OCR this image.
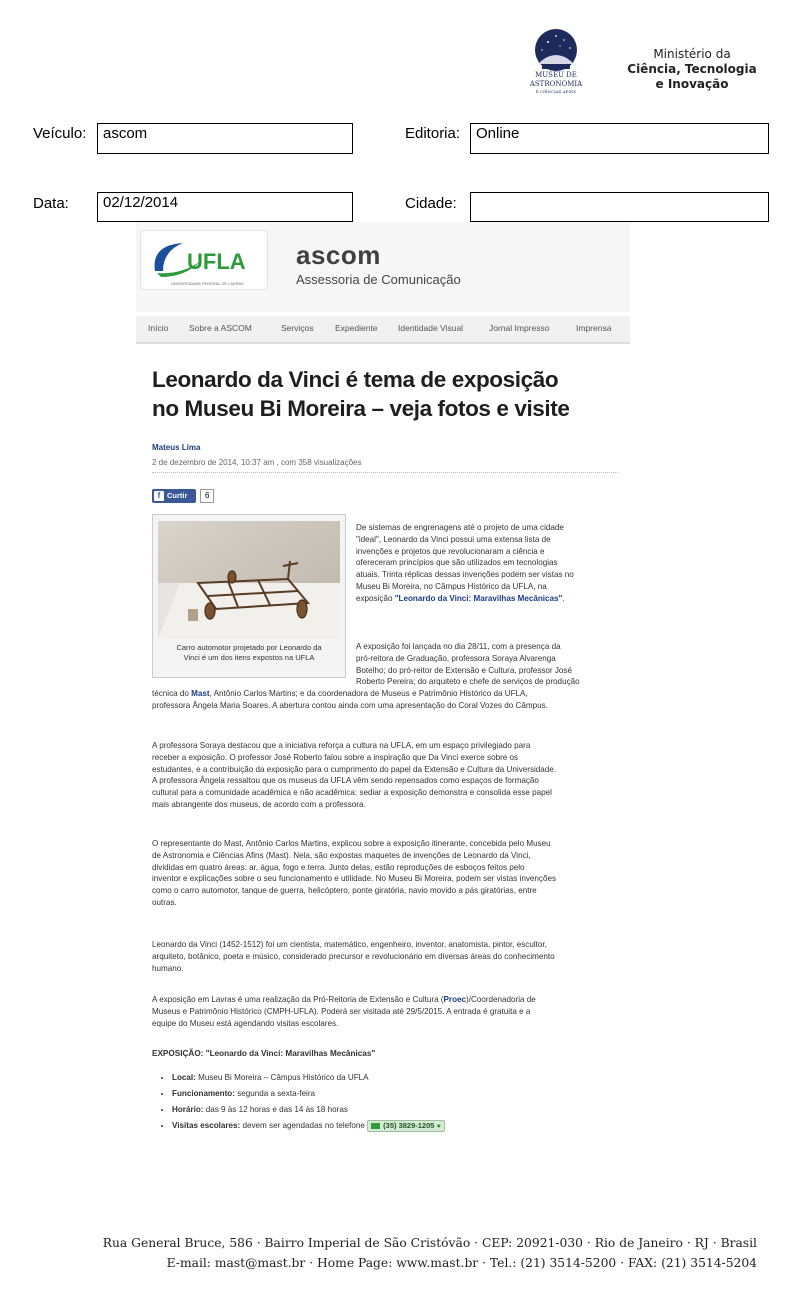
MUSEU DE
ASTRONOMIA
E CIÊNCIAS AFINS
Ministério da
Ciência, Tecnologia
e Inovação
Veículo:	ascom	Editoria:	Online
Data:	02/12/2014	Cidade:
UFLA
UNIVERSIDADE FEDERAL DE LAVRAS
ascom
Assessoria de Comunicação
Início Sobre a ASCOM	Serviços	Expediente Identidade Visual	Jornal Impresso	Imprensa
Leonardo da Vinci é tema de exposição
no Museu Bi Moreira – veja fotos e visite
Mateus Lima
2 de dezembro de 2014, 10:37 am , com 358 visualizações
f Curtir	6
Carro automotor projetado por Leonardo da
Vinci é um dos itens expostos na UFLA
De sistemas de engrenagens até o projeto de uma cidade
"ideal", Leonardo da Vinci possui uma extensa lista de
invenções e projetos que revolucionaram a ciência e
ofereceram princípios que são utilizados em tecnologias
atuais. Trinta réplicas dessas invenções podem ser vistas no
Museu Bi Moreira, no Câmpus Histórico da UFLA, na
exposição "Leonardo da Vinci: Maravilhas Mecânicas".
A exposição foi lançada no dia 28/11, com a presença da
pró-reitora de Graduação, professora Soraya Alvarenga
Botelho; do pró-reitor de Extensão e Cultura, professor José
Roberto Pereira; do arquiteto e chefe de serviços de produção
técnica do Mast, Antônio Carlos Martins; e da coordenadora de Museus e Patrimônio Histórico da UFLA,
professora Ângela Maria Soares. A abertura contou ainda com uma apresentação do Coral Vozes do Câmpus.
A professora Soraya destacou que a iniciativa reforça a cultura na UFLA, em um espaço privilegiado para
receber a exposição. O professor José Roberto falou sobre a inspiração que Da Vinci exerce sobre os
estudantes, e a contribuição da exposição para o cumprimento do papel da Extensão e Cultura da Universidade.
A professora Ângela ressaltou que os museus da UFLA vêm sendo repensados como espaços de formação
cultural para a comunidade acadêmica e não acadêmica: sediar a exposição demonstra e consolida esse papel
mais abrangente dos museus, de acordo com a professora.
O representante do Mast, Antônio Carlos Martins, explicou sobre a exposição itinerante, concebida pelo Museu
de Astronomia e Ciências Afins (Mast). Nela, são expostas maquetes de invenções de Leonardo da Vinci,
divididas em quatro áreas: ar, água, fogo e terra. Junto delas, estão reproduções de esboços feitos pelo
inventor e explicações sobre o seu funcionamento e utilidade. No Museu Bi Moreira, podem ser vistas invenções
como o carro automotor, tanque de guerra, helicóptero, ponte giratória, navio movido a pás giratórias, entre
outras.
Leonardo da Vinci (1452-1512) foi um cientista, matemático, engenheiro, inventor, anatomista, pintor, escultor,
arquiteto, botânico, poeta e músico, considerado precursor e revolucionário em diversas áreas do conhecimento
humano.
A exposição em Lavras é uma realização da Pró-Reitoria de Extensão e Cultura (Proec)/Coordenadoria de
Museus e Patrimônio Histórico (CMPH-UFLA). Poderá ser visitada até 29/5/2015. A entrada é gratuita e a
equipe do Museu está agendando visitas escolares.
EXPOSIÇÃO: "Leonardo da Vinci: Maravilhas Mecânicas"
• Local: Museu Bi Moreira – Câmpus Histórico da UFLA
• Funcionamento: segunda a sexta-feira
• Horário: das 9 às 12 horas e das 14 às 18 horas
• Visitas escolares: devem ser agendadas no telefone (35) 3829-1205 ●
Rua General Bruce, 586 · Bairro Imperial de São Cristóvão · CEP: 20921-030 · Rio de Janeiro · RJ · Brasil
E-mail: mast@mast.br · Home Page: www.mast.br · Tel.: (21) 3514-5200 · FAX: (21) 3514-5204
